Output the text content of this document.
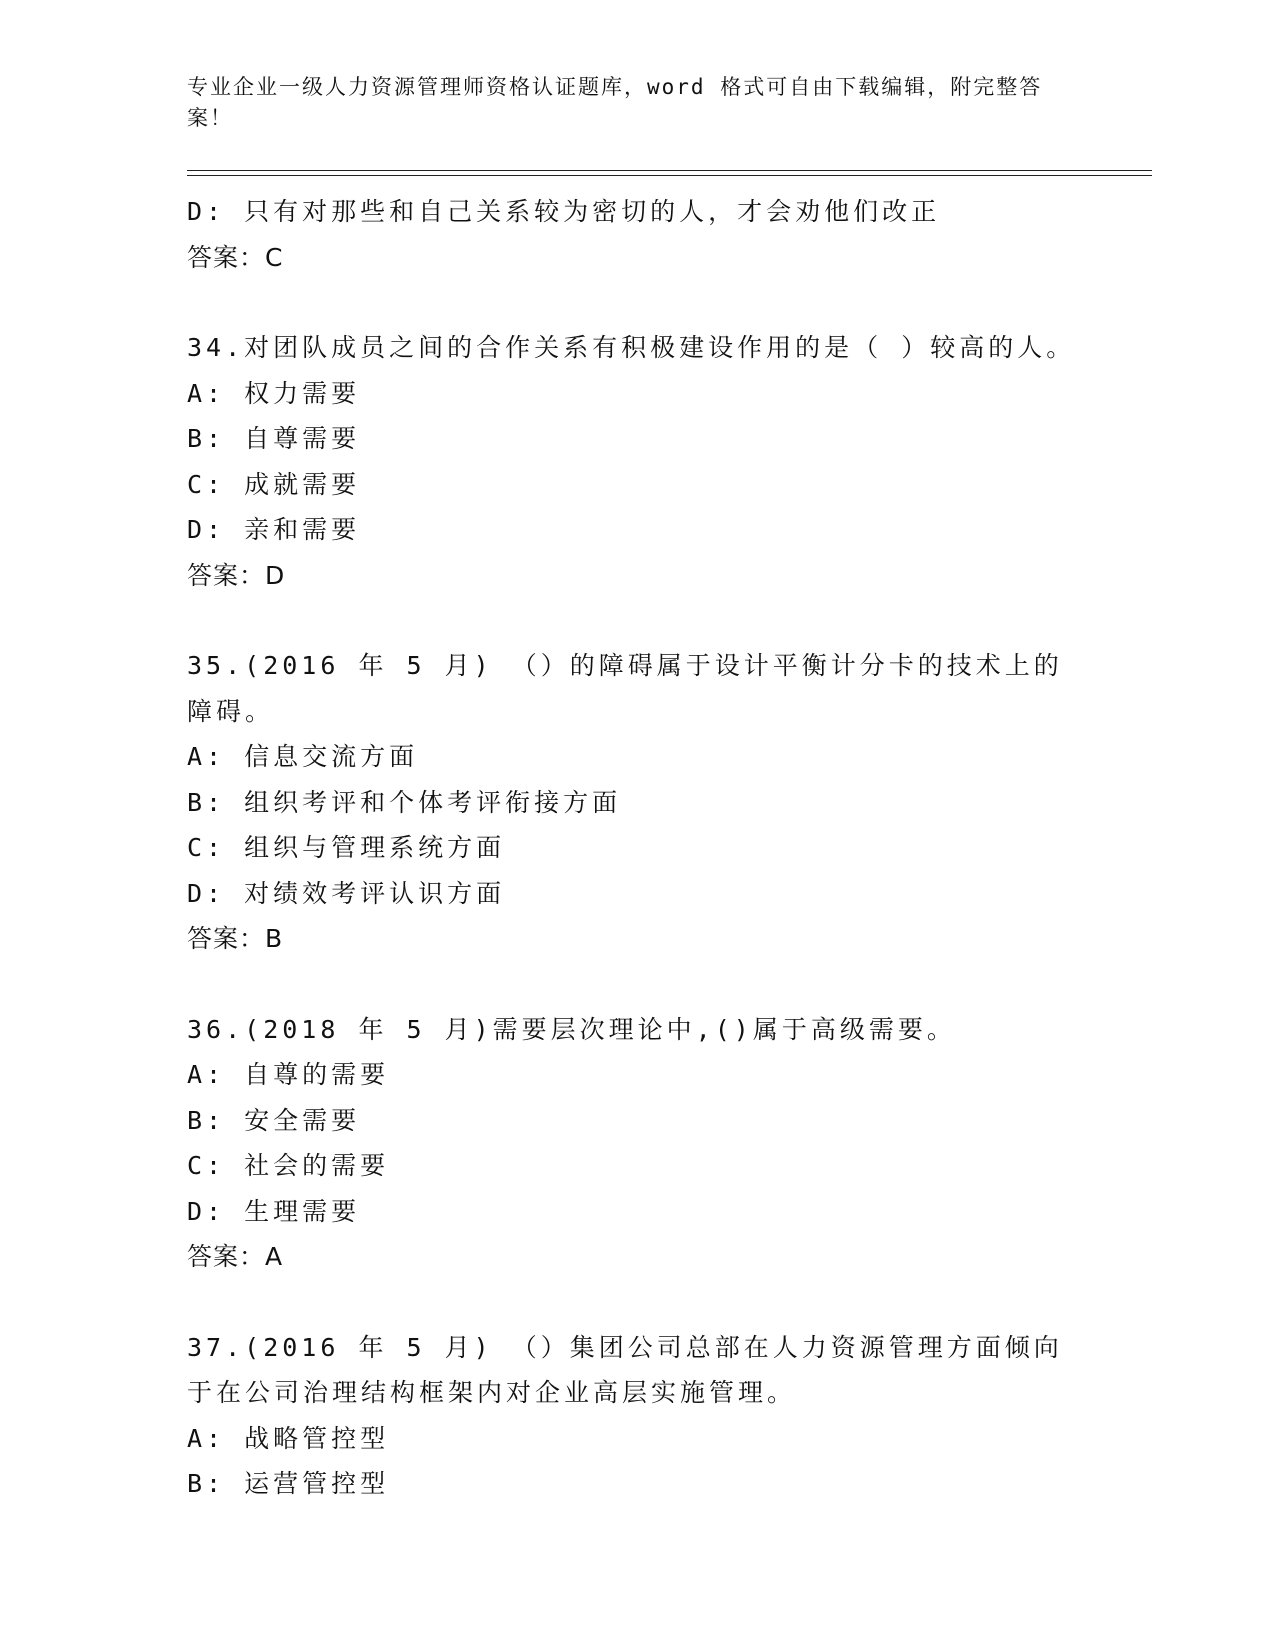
专业企业一级人力资源管理师资格认证题库，word 格式可自由下载编辑，附完整答案！
D: 只有对那些和自己关系较为密切的人，才会劝他们改正
答案：C
34.对团队成员之间的合作关系有积极建设作用的是（ ）较高的人。
A: 权力需要
B: 自尊需要
C: 成就需要
D: 亲和需要
答案：D
35.(2016 年 5 月) （）的障碍属于设计平衡计分卡的技术上的障碍。
A: 信息交流方面
B: 组织考评和个体考评衔接方面
C: 组织与管理系统方面
D: 对绩效考评认识方面
答案：B
36.(2018 年 5 月)需要层次理论中,()属于高级需要。
A: 自尊的需要
B: 安全需要
C: 社会的需要
D: 生理需要
答案：A
37.(2016 年 5 月) （）集团公司总部在人力资源管理方面倾向于在公司治理结构框架内对企业高层实施管理。
A: 战略管控型
B: 运营管控型
